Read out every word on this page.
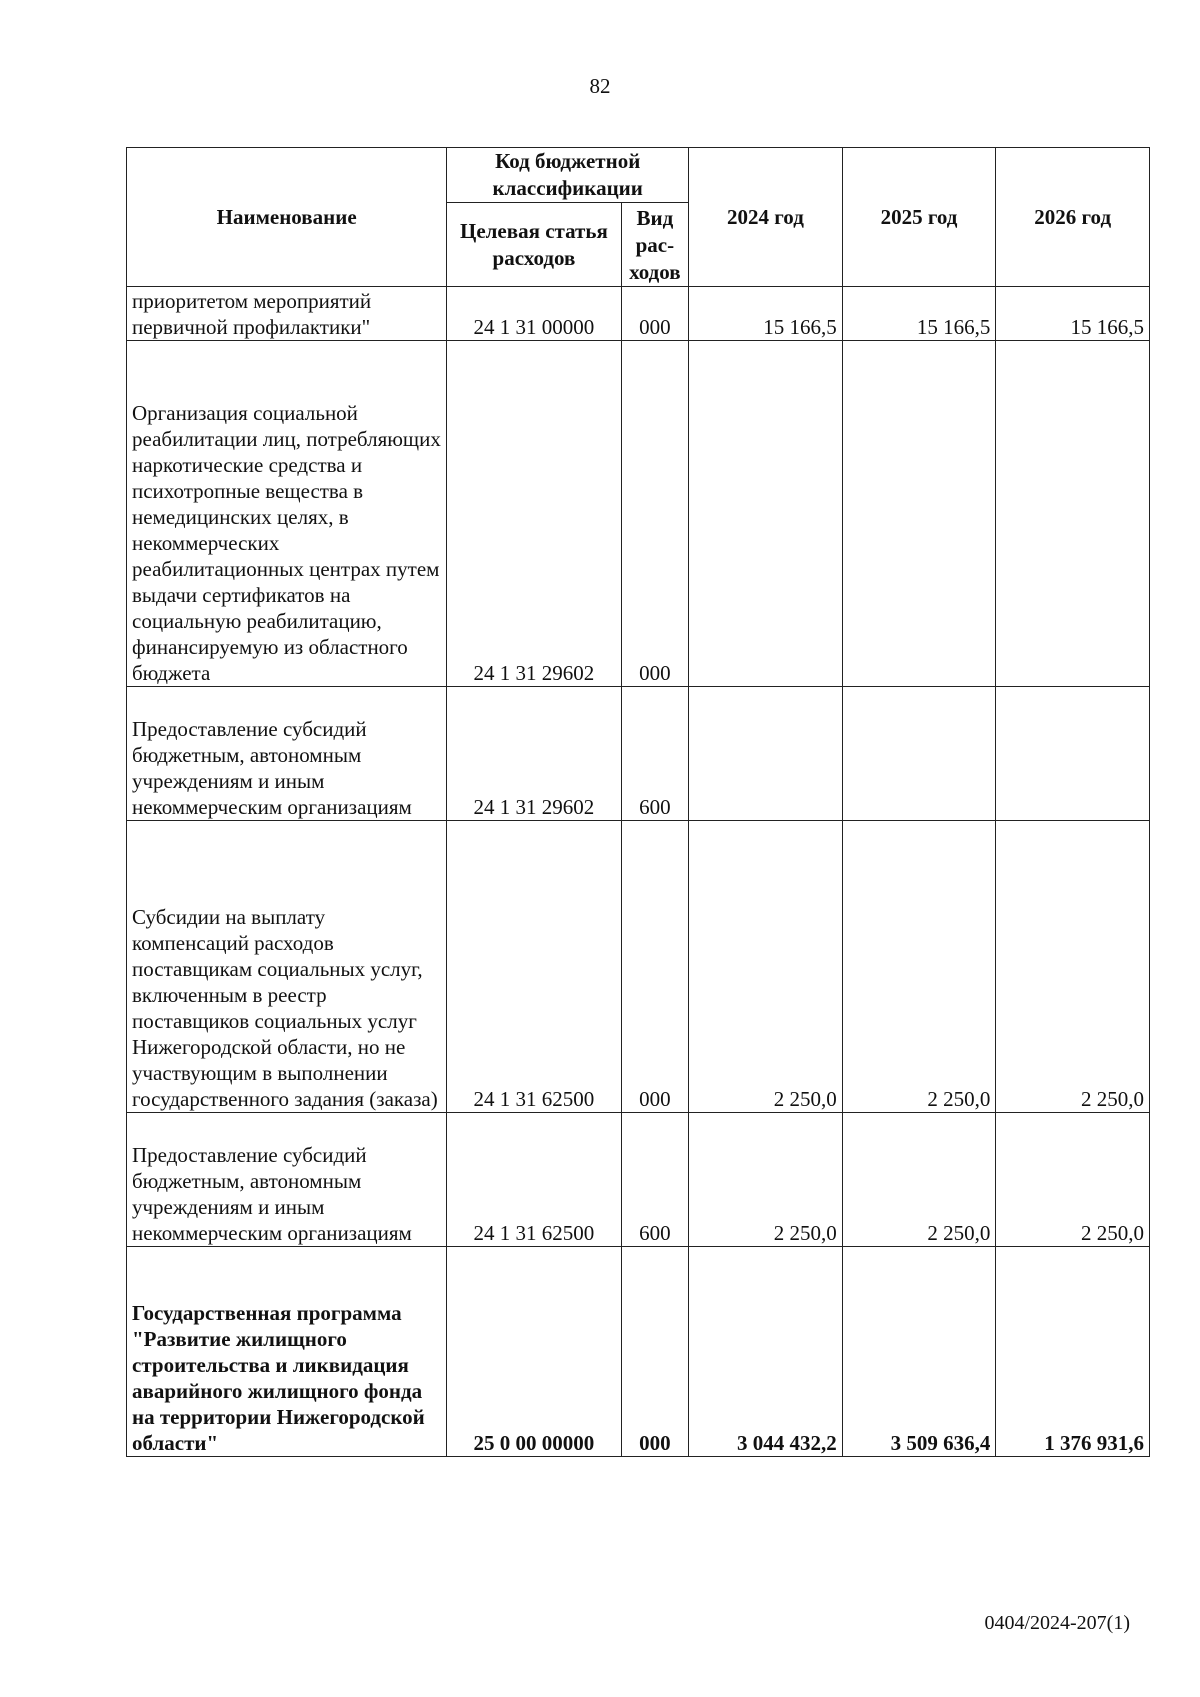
82
Наименование	Код бюджетной классификации		2024 год	2025 год	2026 год
	Целевая статья расходов	Вид рас-ходов			
приоритетом мероприятий первичной профилактики"	24 1 31 00000	000	15 166,5	15 166,5	15 166,5
Организация социальной реабилитации лиц, потребляющих наркотические средства и психотропные вещества в немедицинских целях, в некоммерческих реабилитационных центрах путем выдачи сертификатов на социальную реабилитацию, финансируемую из областного бюджета	24 1 31 29602	000			
Предоставление субсидий бюджетным, автономным учреждениям и иным некоммерческим организациям	24 1 31 29602	600			
Субсидии на выплату компенсаций расходов поставщикам социальных услуг, включенным в реестр поставщиков социальных услуг Нижегородской области, но не участвующим в выполнении государственного задания (заказа)	24 1 31 62500	000	2 250,0	2 250,0	2 250,0
Предоставление субсидий бюджетным, автономным учреждениям и иным некоммерческим организациям	24 1 31 62500	600	2 250,0	2 250,0	2 250,0
Государственная программа "Развитие жилищного строительства и ликвидация аварийного жилищного фонда на территории Нижегородской области"	25 0 00 00000	000	3 044 432,2	3 509 636,4	1 376 931,6
0404/2024-207(1)
